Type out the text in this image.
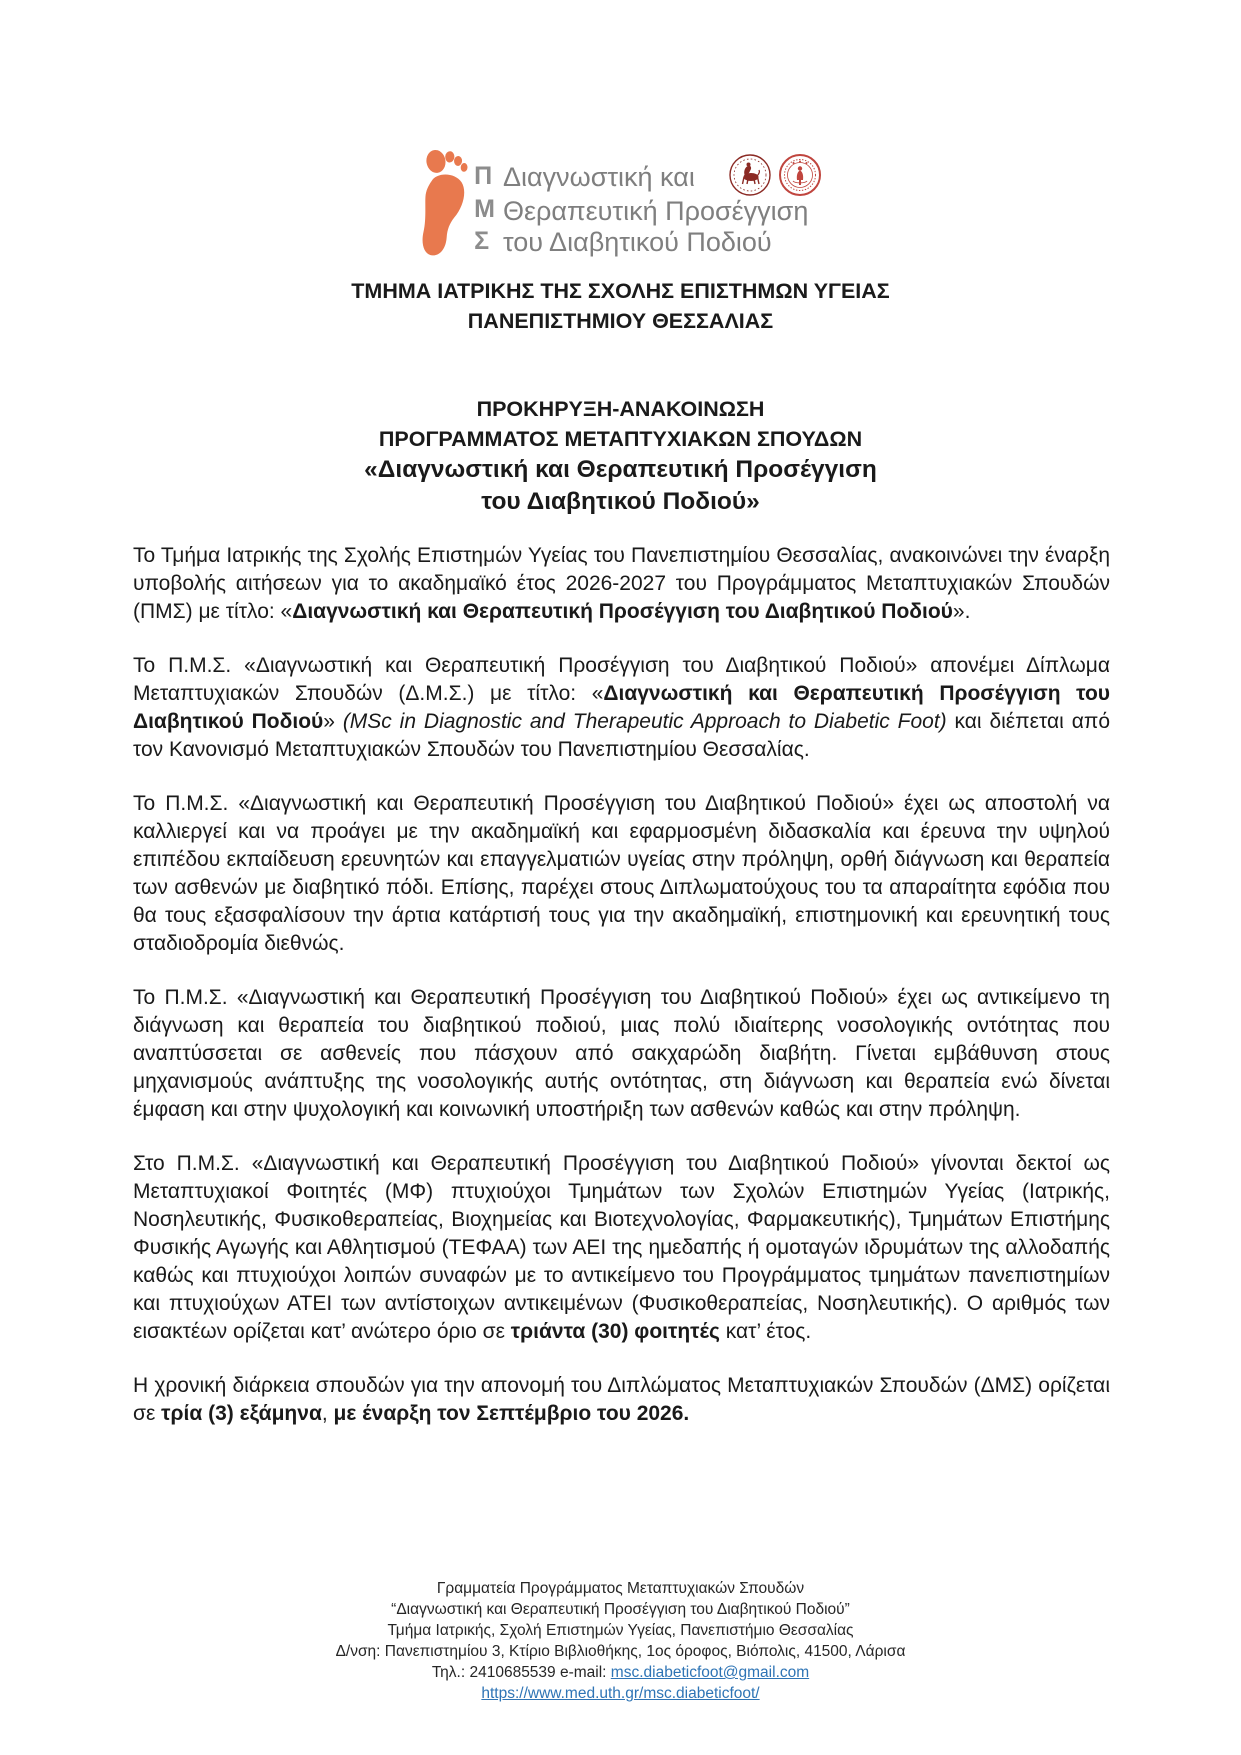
Π
Μ
Σ
Διαγνωστική και
Θεραπευτική Προσέγγιση
του Διαβητικού Ποδιού
ΤΜΗΜΑ ΙΑΤΡΙΚΗΣ ΤΗΣ ΣΧΟΛΗΣ ΕΠΙΣΤΗΜΩΝ ΥΓΕΙΑΣ
ΠΑΝΕΠΙΣΤΗΜΙΟΥ ΘΕΣΣΑΛΙΑΣ
ΠΡΟΚΗΡΥΞΗ-ΑΝΑΚΟΙΝΩΣΗ
ΠΡΟΓΡΑΜΜΑΤΟΣ ΜΕΤΑΠΤΥΧΙΑΚΩΝ ΣΠΟΥΔΩΝ
«Διαγνωστική και Θεραπευτική Προσέγγιση
του Διαβητικού Ποδιού»

Το Τμήμα Ιατρικής της Σχολής Επιστημών Υγείας του Πανεπιστημίου Θεσσαλίας, ανακοινώνει την έναρξη υποβολής αιτήσεων για το ακαδημαϊκό έτος 2026-2027 του Προγράμματος Μεταπτυχιακών Σπουδών (ΠΜΣ) με τίτλο: «Διαγνωστική και Θεραπευτική Προσέγγιση του Διαβητικού Ποδιού».

Το Π.Μ.Σ. «Διαγνωστική και Θεραπευτική Προσέγγιση του Διαβητικού Ποδιού» απονέμει Δίπλωμα Μεταπτυχιακών Σπουδών (Δ.Μ.Σ.) με τίτλο: «Διαγνωστική και Θεραπευτική Προσέγγιση του Διαβητικού Ποδιού» (MSc in Diagnostic and Therapeutic Approach to Diabetic Foot) και διέπεται από τον Κανονισμό Μεταπτυχιακών Σπουδών του Πανεπιστημίου Θεσσαλίας.

Το Π.Μ.Σ. «Διαγνωστική και Θεραπευτική Προσέγγιση του Διαβητικού Ποδιού» έχει ως αποστολή να καλλιεργεί και να προάγει με την ακαδημαϊκή και εφαρμοσμένη διδασκαλία και έρευνα την υψηλού επιπέδου εκπαίδευση ερευνητών και επαγγελματιών υγείας στην πρόληψη, ορθή διάγνωση και θεραπεία των ασθενών με διαβητικό πόδι. Επίσης, παρέχει στους Διπλωματούχους του τα απαραίτητα εφόδια που θα τους εξασφαλίσουν την άρτια κατάρτισή τους για την ακαδημαϊκή, επιστημονική και ερευνητική τους σταδιοδρομία διεθνώς.

Το Π.Μ.Σ. «Διαγνωστική και Θεραπευτική Προσέγγιση του Διαβητικού Ποδιού» έχει ως αντικείμενο τη διάγνωση και θεραπεία του διαβητικού ποδιού, μιας πολύ ιδιαίτερης νοσολογικής οντότητας που αναπτύσσεται σε ασθενείς που πάσχουν από σακχαρώδη διαβήτη. Γίνεται εμβάθυνση στους μηχανισμούς ανάπτυξης της νοσολογικής αυτής οντότητας, στη διάγνωση και θεραπεία ενώ δίνεται έμφαση και στην ψυχολογική και κοινωνική υποστήριξη των ασθενών καθώς και στην πρόληψη.

Στο Π.Μ.Σ. «Διαγνωστική και Θεραπευτική Προσέγγιση του Διαβητικού Ποδιού» γίνονται δεκτοί ως Μεταπτυχιακοί Φοιτητές (ΜΦ) πτυχιούχοι Τμημάτων των Σχολών Επιστημών Υγείας (Ιατρικής, Νοσηλευτικής, Φυσικοθεραπείας, Βιοχημείας και Βιοτεχνολογίας, Φαρμακευτικής), Τμημάτων Επιστήμης Φυσικής Αγωγής και Αθλητισμού (ΤΕΦΑΑ) των ΑΕΙ της ημεδαπής ή ομοταγών ιδρυμάτων της αλλοδαπής καθώς και πτυχιούχοι λοιπών συναφών με το αντικείμενο του Προγράμματος τμημάτων πανεπιστημίων και πτυχιούχων ΑΤΕΙ των αντίστοιχων αντικειμένων (Φυσικοθεραπείας, Νοσηλευτικής). Ο αριθμός των εισακτέων ορίζεται κατ’ ανώτερο όριο σε τριάντα (30) φοιτητές κατ’ έτος.

Η χρονική διάρκεια σπουδών για την απονομή του Διπλώματος Μεταπτυχιακών Σπουδών (ΔΜΣ) ορίζεται σε τρία (3) εξάμηνα, με έναρξη τον Σεπτέμβριο του 2026.

Γραμματεία Προγράμματος Μεταπτυχιακών Σπουδών
“Διαγνωστική και Θεραπευτική Προσέγγιση του Διαβητικού Ποδιού”
Τμήμα Ιατρικής, Σχολή Επιστημών Υγείας, Πανεπιστήμιο Θεσσαλίας
Δ/νση: Πανεπιστημίου 3, Κτίριο Βιβλιοθήκης, 1ος όροφος, Βιόπολις, 41500, Λάρισα
Τηλ.: 2410685539 e-mail: msc.diabeticfoot@gmail.com
https://www.med.uth.gr/msc.diabeticfoot/
